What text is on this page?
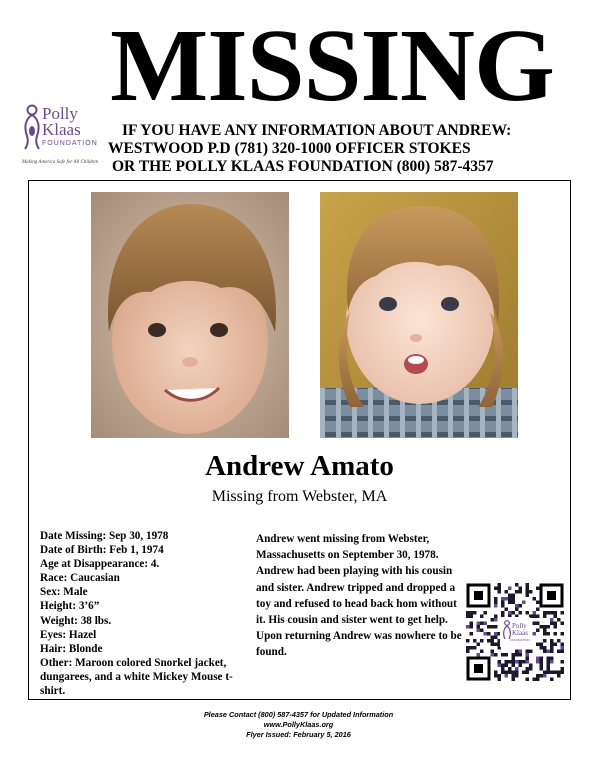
MISSING
Polly
Klaas
FOUNDATION
Making America Safe for All Children
IF YOU HAVE ANY INFORMATION ABOUT ANDREW:
WESTWOOD P.D (781) 320-1000 OFFICER STOKES
OR THE POLLY KLAAS FOUNDATION (800) 587-4357
Andrew Amato
Missing from Webster, MA
Date Missing: Sep 30, 1978
Date of Birth: Feb 1, 1974
Age at Disappearance: 4.
Race: Caucasian
Sex: Male
Height: 3’6”
Weight: 38 lbs.
Eyes: Hazel
Hair: Blonde
Other: Maroon colored Snorkel jacket, dungarees, and a white Mickey Mouse t-shirt.
Andrew went missing from Webster, Massachusetts on September 30, 1978. Andrew had been playing with his cousin and sister. Andrew tripped and dropped a toy and refused to head back hom without it. His cousin and sister went to get help. Upon returning Andrew was nowhere to be found.
Polly
Klaas
FOUNDATION
Please Contact (800) 587-4357 for Updated Information
www.PollyKlaas.org
Flyer Issued: February 5, 2016
